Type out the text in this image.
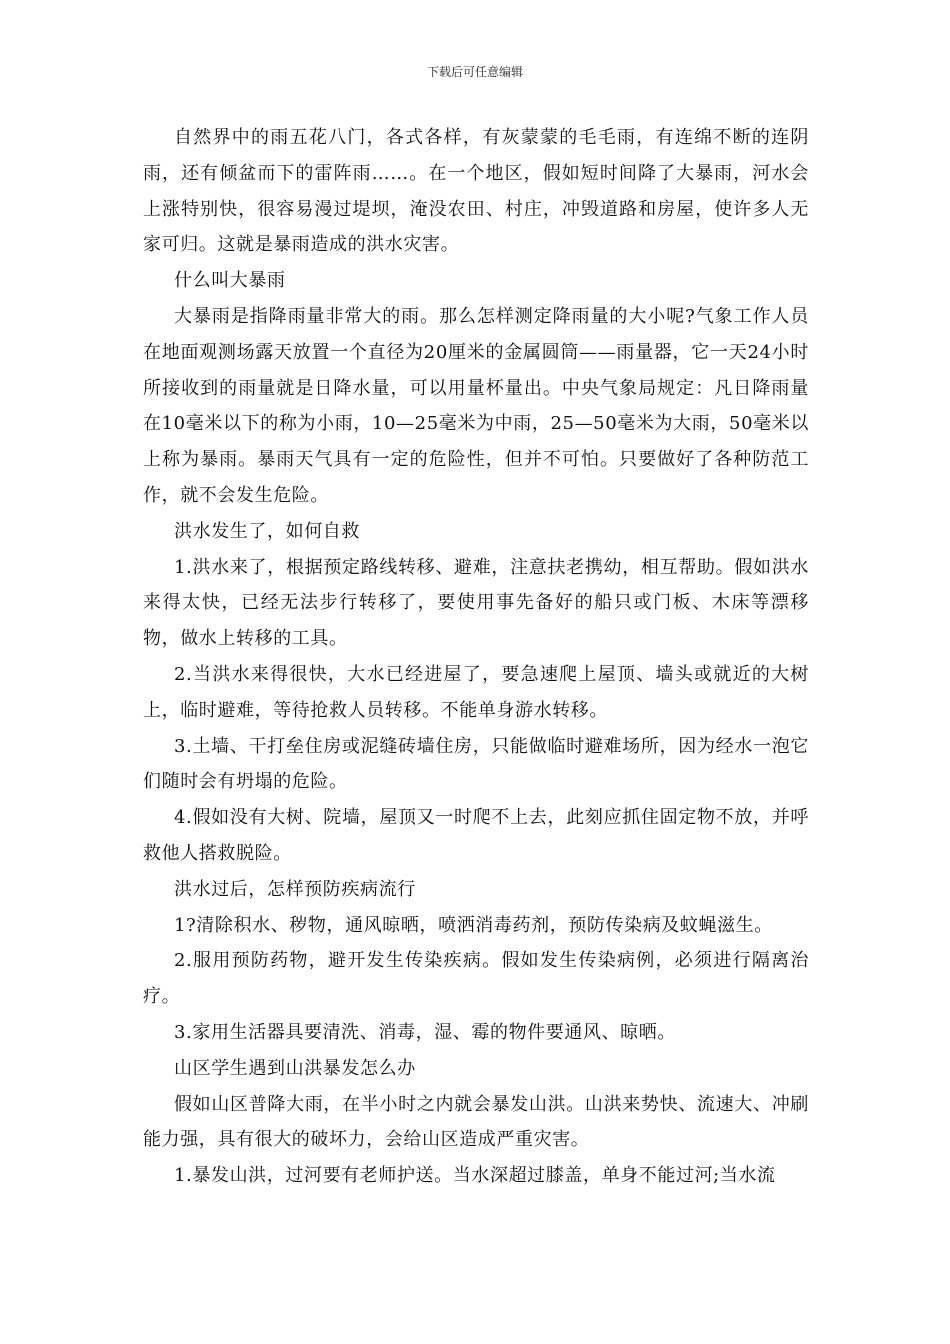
下载后可任意编辑

自然界中的雨五花八门，各式各样，有灰蒙蒙的毛毛雨，有连绵不断的连阴雨，还有倾盆而下的雷阵雨……。在一个地区，假如短时间降了大暴雨，河水会上涨特别快，很容易漫过堤坝，淹没农田、村庄，冲毁道路和房屋，使许多人无家可归。这就是暴雨造成的洪水灾害。

什么叫大暴雨

大暴雨是指降雨量非常大的雨。那么怎样测定降雨量的大小呢?气象工作人员在地面观测场露天放置一个直径为20厘米的金属圆筒——雨量器，它一天24小时所接收到的雨量就是日降水量，可以用量杯量出。中央气象局规定：凡日降雨量在10毫米以下的称为小雨，10—25毫米为中雨，25—50毫米为大雨，50毫米以上称为暴雨。暴雨天气具有一定的危险性，但并不可怕。只要做好了各种防范工作，就不会发生危险。

洪水发生了，如何自救

1.洪水来了，根据预定路线转移、避难，注意扶老携幼，相互帮助。假如洪水来得太快，已经无法步行转移了，要使用事先备好的船只或门板、木床等漂移物，做水上转移的工具。

2.当洪水来得很快，大水已经进屋了，要急速爬上屋顶、墙头或就近的大树上，临时避难，等待抢救人员转移。不能单身游水转移。

3.土墙、干打垒住房或泥缝砖墙住房，只能做临时避难场所，因为经水一泡它们随时会有坍塌的危险。

4.假如没有大树、院墙，屋顶又一时爬不上去，此刻应抓住固定物不放，并呼救他人搭救脱险。

洪水过后，怎样预防疾病流行

1?清除积水、秽物，通风晾晒，喷洒消毒药剂，预防传染病及蚊蝇滋生。

2.服用预防药物，避开发生传染疾病。假如发生传染病例，必须进行隔离治疗。

3.家用生活器具要清洗、消毒，湿、霉的物件要通风、晾晒。

山区学生遇到山洪暴发怎么办

假如山区普降大雨，在半小时之内就会暴发山洪。山洪来势快、流速大、冲刷能力强，具有很大的破坏力，会给山区造成严重灾害。

1.暴发山洪，过河要有老师护送。当水深超过膝盖，单身不能过河;当水流
